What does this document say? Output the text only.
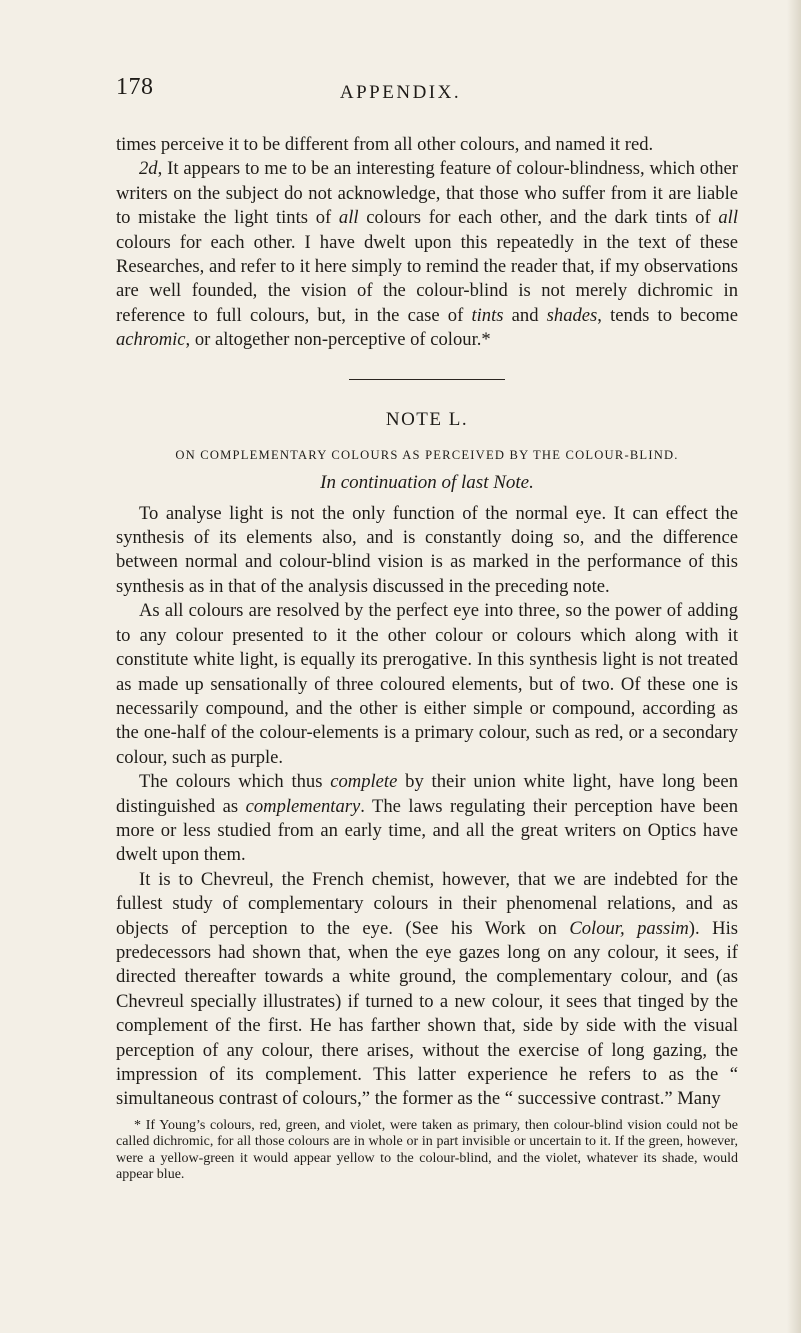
178	APPENDIX.

times perceive it to be different from all other colours, and named it red.

2d, It appears to me to be an interesting feature of colour-blindness, which other writers on the subject do not acknowledge, that those who suffer from it are liable to mistake the light tints of all colours for each other, and the dark tints of all colours for each other. I have dwelt upon this repeatedly in the text of these Researches, and refer to it here simply to remind the reader that, if my observations are well founded, the vision of the colour-blind is not merely dichromic in reference to full colours, but, in the case of tints and shades, tends to become achromic, or altogether non-perceptive of colour.*

NOTE L.
ON COMPLEMENTARY COLOURS AS PERCEIVED BY THE COLOUR-BLIND.
In continuation of last Note.

To analyse light is not the only function of the normal eye. It can effect the synthesis of its elements also, and is constantly doing so, and the difference between normal and colour-blind vision is as marked in the performance of this synthesis as in that of the analysis discussed in the preceding note.

As all colours are resolved by the perfect eye into three, so the power of adding to any colour presented to it the other colour or colours which along with it constitute white light, is equally its prerogative. In this synthesis light is not treated as made up sensationally of three coloured elements, but of two. Of these one is necessarily compound, and the other is either simple or compound, according as the one-half of the colour-elements is a primary colour, such as red, or a secondary colour, such as purple.

The colours which thus complete by their union white light, have long been distinguished as complementary. The laws regulating their perception have been more or less studied from an early time, and all the great writers on Optics have dwelt upon them.

It is to Chevreul, the French chemist, however, that we are indebted for the fullest study of complementary colours in their phenomenal relations, and as objects of perception to the eye. (See his Work on Colour, passim). His predecessors had shown that, when the eye gazes long on any colour, it sees, if directed thereafter towards a white ground, the complementary colour, and (as Chevreul specially illustrates) if turned to a new colour, it sees that tinged by the complement of the first. He has farther shown that, side by side with the visual perception of any colour, there arises, without the exercise of long gazing, the impression of its complement. This latter experience he refers to as the “ simultaneous contrast of colours,” the former as the “ successive contrast.” Many

* If Young’s colours, red, green, and violet, were taken as primary, then colour-blind vision could not be called dichromic, for all those colours are in whole or in part invisible or uncertain to it. If the green, however, were a yellow-green it would appear yellow to the colour-blind, and the violet, whatever its shade, would appear blue.
